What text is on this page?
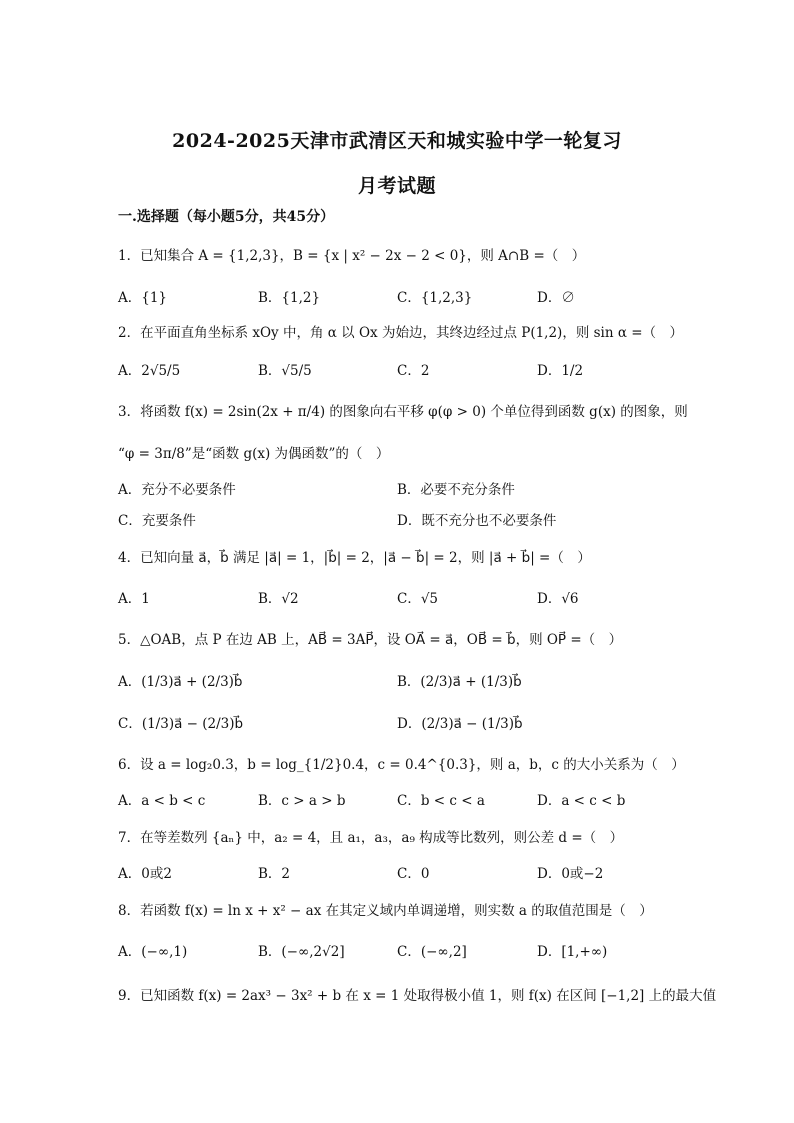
2024-2025天津市武清区天和城实验中学一轮复习
月考试题
一.选择题（每小题5分，共45分）
1．已知集合 A = {1,2,3}，B = {x | x² − 2x − 2 < 0}，则 A∩B =（　）
A．{1}	B．{1,2}	C．{1,2,3}	D．∅
2．在平面直角坐标系 xOy 中，角 α 以 Ox 为始边，其终边经过点 P(1,2)，则 sin α =（　）
A．2√5/5	B．√5/5	C．2	D．1/2
3．将函数 f(x) = 2sin(2x + π/4) 的图象向右平移 φ(φ > 0) 个单位得到函数 g(x) 的图象，则
“φ = 3π/8”是“函数 g(x) 为偶函数”的（　）
A．充分不必要条件	B．必要不充分条件
C．充要条件	D．既不充分也不必要条件
4．已知向量 a⃗，b⃗ 满足 |a⃗| = 1，|b⃗| = 2，|a⃗ − b⃗| = 2，则 |a⃗ + b⃗| =（　）
A．1	B．√2	C．√5	D．√6
5．△OAB，点 P 在边 AB 上，AB⃗ = 3AP⃗，设 OA⃗ = a⃗，OB⃗ = b⃗，则 OP⃗ =（　）
A．(1/3)a⃗ + (2/3)b⃗	B．(2/3)a⃗ + (1/3)b⃗
C．(1/3)a⃗ − (2/3)b⃗	D．(2/3)a⃗ − (1/3)b⃗
6．设 a = log₂0.3，b = log_{1/2}0.4，c = 0.4^{0.3}，则 a，b，c 的大小关系为（　）
A．a < b < c	B．c > a > b	C．b < c < a	D．a < c < b
7．在等差数列 {aₙ} 中，a₂ = 4，且 a₁，a₃，a₉ 构成等比数列，则公差 d =（　）
A．0或2	B．2	C．0	D．0或−2
8．若函数 f(x) = ln x + x² − ax 在其定义域内单调递增，则实数 a 的取值范围是（　）
A．(−∞,1)	B．(−∞,2√2]	C．(−∞,2]	D．[1,+∞)
9．已知函数 f(x) = 2ax³ − 3x² + b 在 x = 1 处取得极小值 1，则 f(x) 在区间 [−1,2] 上的最大值
